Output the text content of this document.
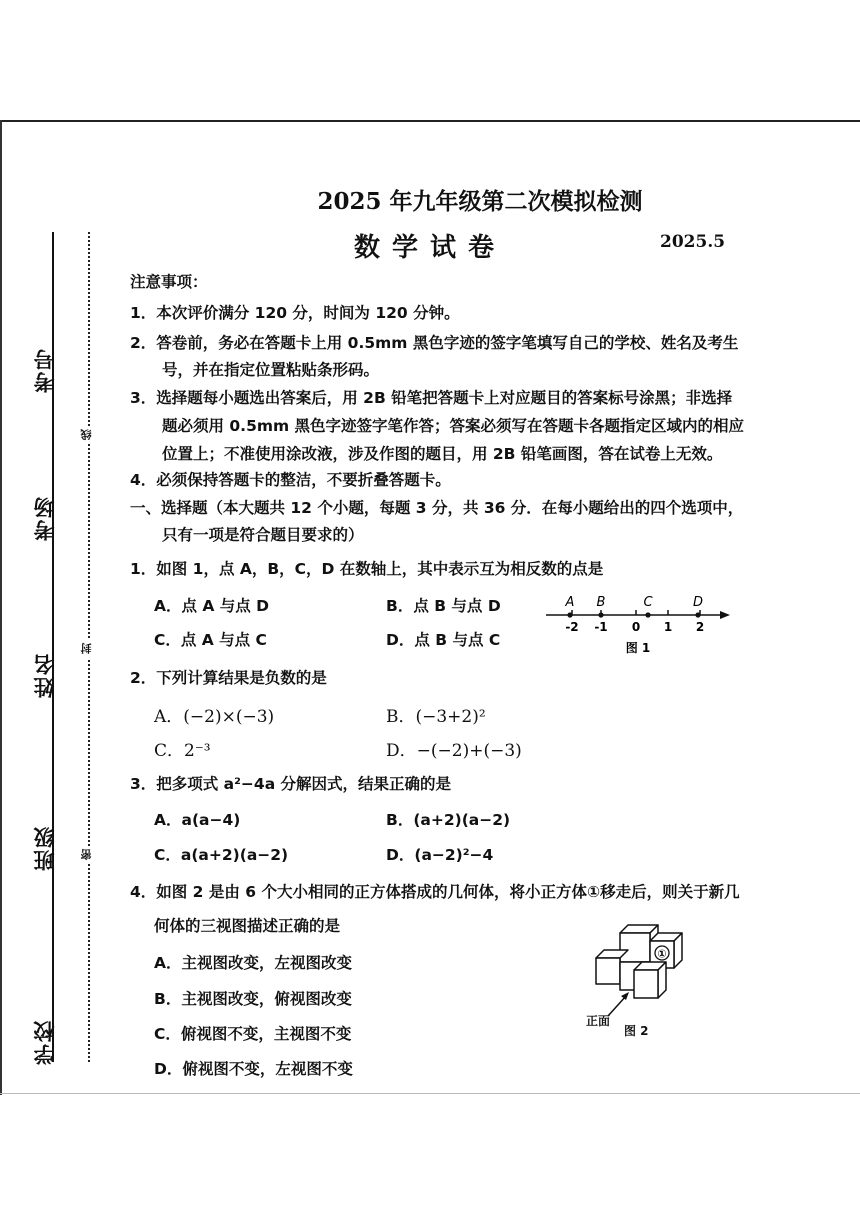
考号
考场
姓名
班级
学校
线
封
密
2025 年九年级第二次模拟检测
数学试卷	2025.5
注意事项：
1．本次评价满分 120 分，时间为 120 分钟。
2．答卷前，务必在答题卡上用 0.5mm 黑色字迹的签字笔填写自己的学校、姓名及考生
号，并在指定位置粘贴条形码。
3．选择题每小题选出答案后，用 2B 铅笔把答题卡上对应题目的答案标号涂黑；非选择
题必须用 0.5mm 黑色字迹签字笔作答；答案必须写在答题卡各题指定区域内的相应
位置上；不准使用涂改液，涉及作图的题目，用 2B 铅笔画图，答在试卷上无效。
4．必须保持答题卡的整洁，不要折叠答题卡。
一、选择题（本大题共 12 个小题，每题 3 分，共 36 分．在每小题给出的四个选项中，
只有一项是符合题目要求的）
1．如图 1，点 A，B，C，D 在数轴上，其中表示互为相反数的点是
A．点 A 与点 D	B．点 B 与点 D
C．点 A 与点 C	D．点 B 与点 C
A B	C	D
-2 -1 0 1 2
图 1
2．下列计算结果是负数的是
A．(−2)×(−3)	B．(−3+2)²
C．2⁻³	D．−(−2)+(−3)
3．把多项式 a²−4a 分解因式，结果正确的是
A．a(a−4)	B．(a+2)(a−2)
C．a(a+2)(a−2)	D．(a−2)²−4
4．如图 2 是由 6 个大小相同的正方体搭成的几何体，将小正方体①移走后，则关于新几
何体的三视图描述正确的是
A．主视图改变，左视图改变
B．主视图改变，俯视图改变
C．俯视图不变，主视图不变
D．俯视图不变，左视图不变
①
正面
图 2
